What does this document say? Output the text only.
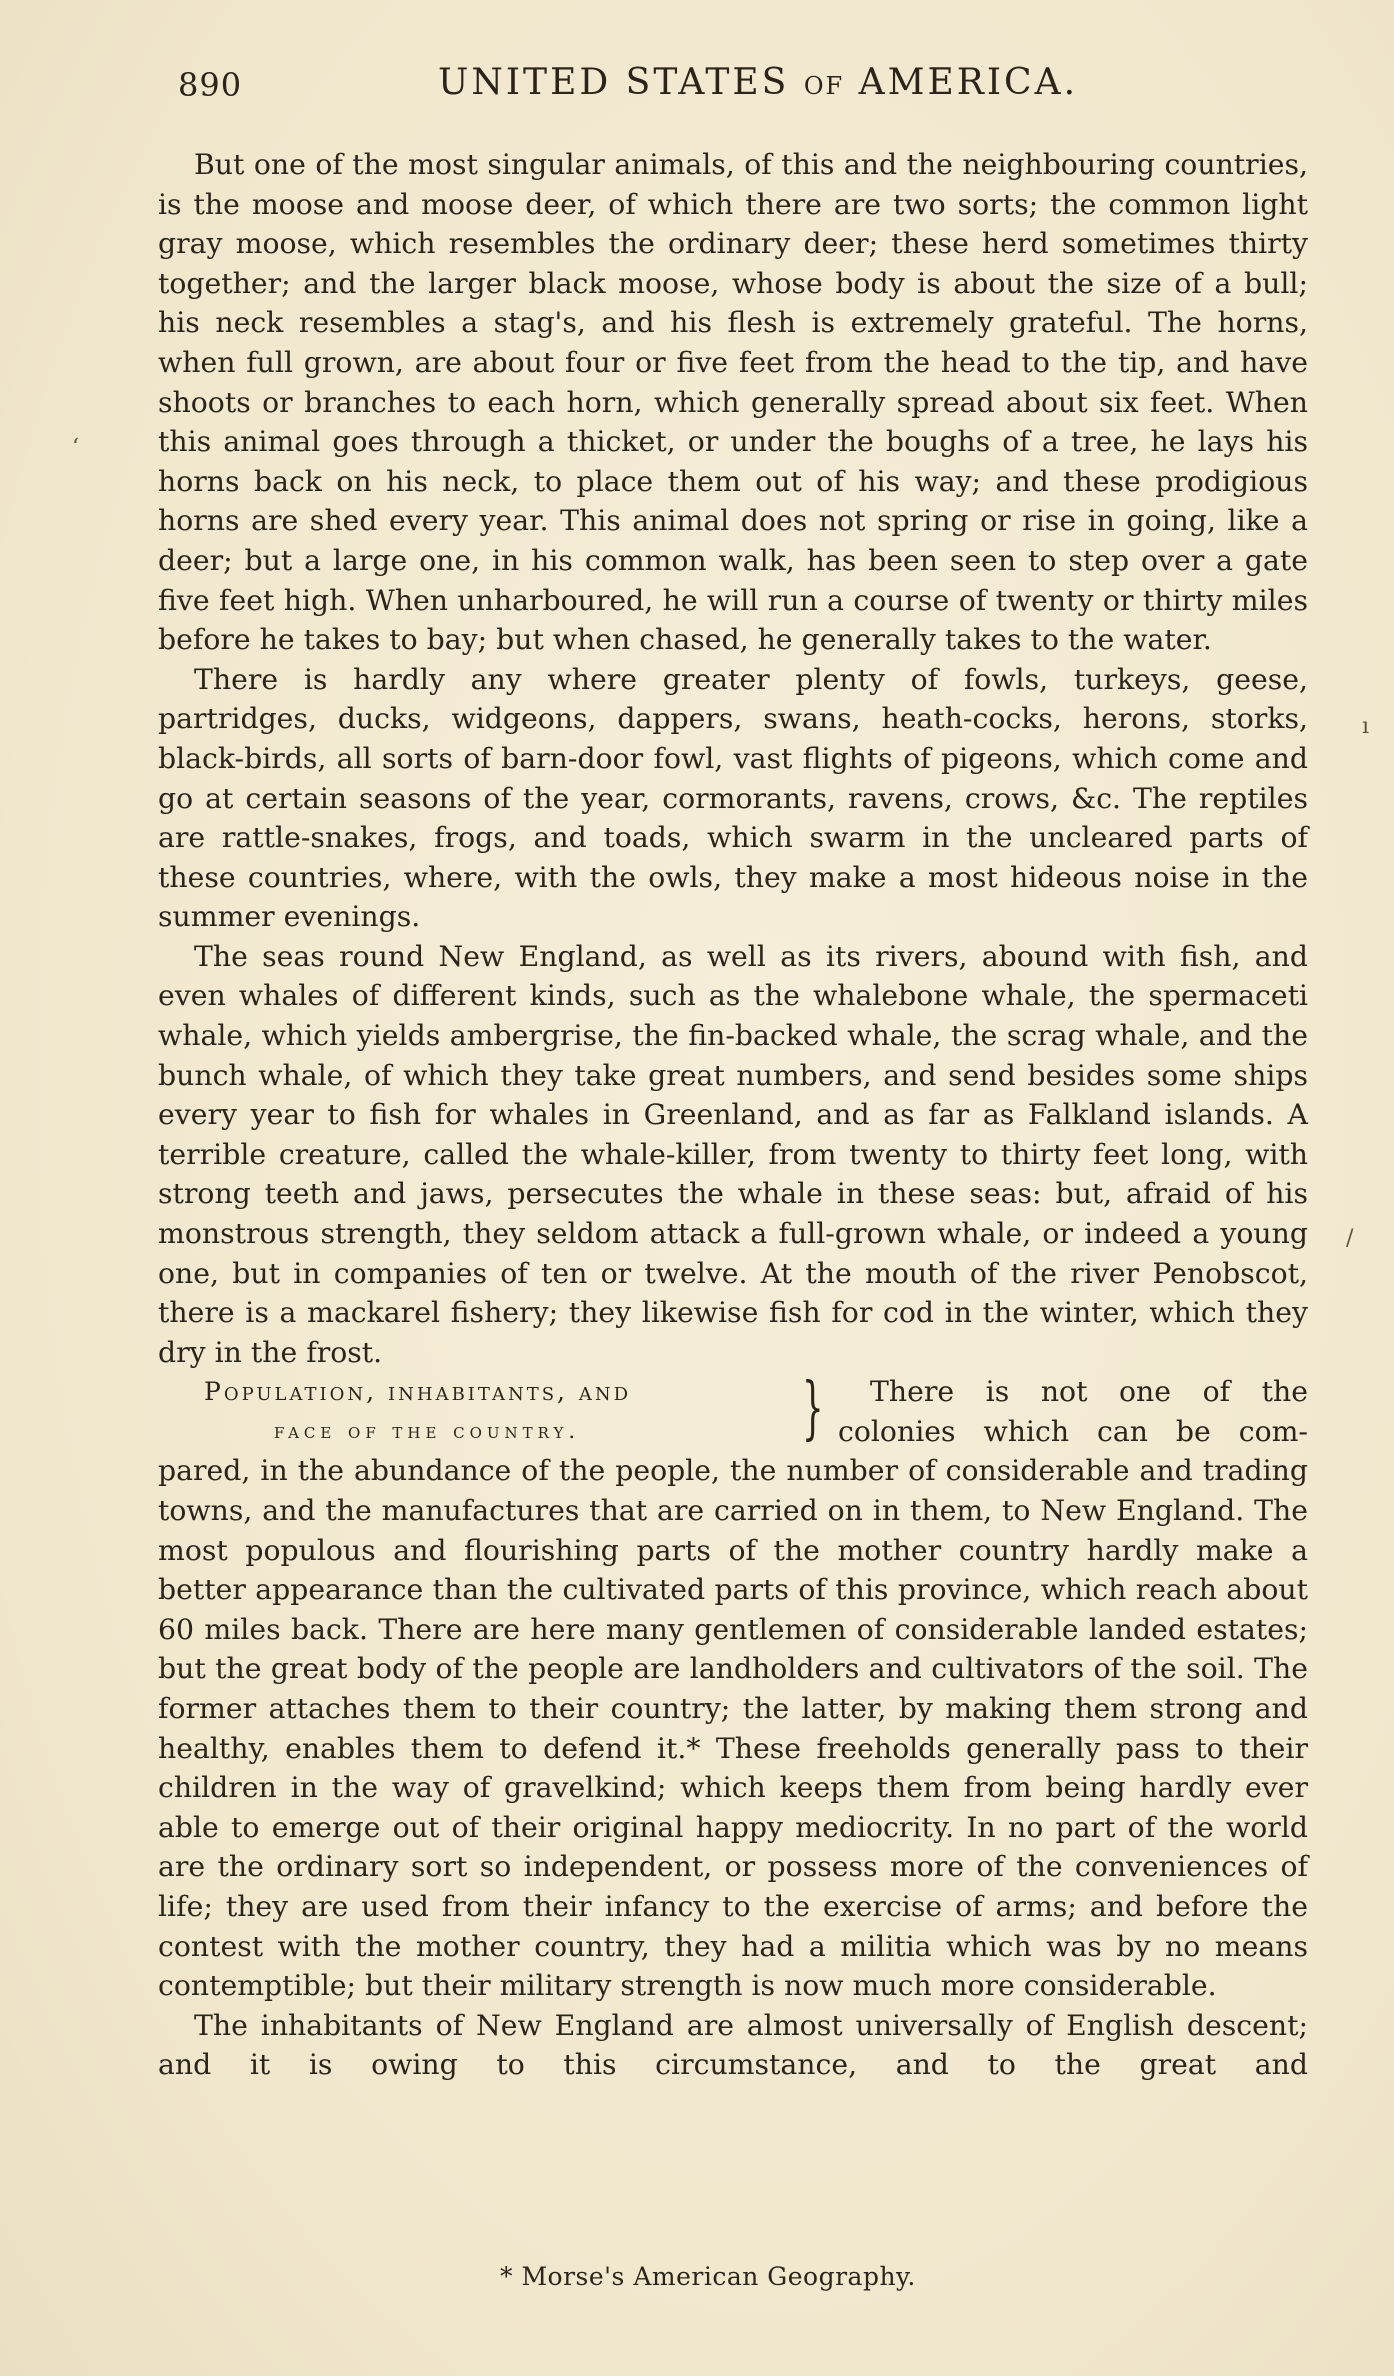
890	UNITED STATES OF AMERICA.

But one of the most singular animals, of this and the neighbouring countries, is the moose and moose deer, of which there are two sorts; the common light gray moose, which resembles the ordinary deer; these herd sometimes thirty together; and the larger black moose, whose body is about the size of a bull; his neck resembles a stag's, and his flesh is extremely grateful. The horns, when full grown, are about four or five feet from the head to the tip, and have shoots or branches to each horn, which generally spread about six feet. When this animal goes through a thicket, or under the boughs of a tree, he lays his horns back on his neck, to place them out of his way; and these prodigious horns are shed every year. This animal does not spring or rise in going, like a deer; but a large one, in his common walk, has been seen to step over a gate five feet high. When unharboured, he will run a course of twenty or thirty miles before he takes to bay; but when chased, he generally takes to the water.

There is hardly any where greater plenty of fowls, turkeys, geese, partridges, ducks, widgeons, dappers, swans, heath-cocks, herons, storks, black-birds, all sorts of barn-door fowl, vast flights of pigeons, which come and go at certain seasons of the year, cormorants, ravens, crows, &c. The reptiles are rattle-snakes, frogs, and toads, which swarm in the uncleared parts of these countries, where, with the owls, they make a most hideous noise in the summer evenings.

The seas round New England, as well as its rivers, abound with fish, and even whales of different kinds, such as the whalebone whale, the spermaceti whale, which yields ambergrise, the fin-backed whale, the scrag whale, and the bunch whale, of which they take great numbers, and send besides some ships every year to fish for whales in Greenland, and as far as Falkland islands. A terrible creature, called the whale-killer, from twenty to thirty feet long, with strong teeth and jaws, persecutes the whale in these seas: but, afraid of his monstrous strength, they seldom attack a full-grown whale, or indeed a young one, but in companies of ten or twelve. At the mouth of the river Penobscot, there is a mackarel fishery; they likewise fish for cod in the winter, which they dry in the frost.

Population, inhabitants, and
face of the country.	} There is not one of the
colonies which can be com-

pared, in the abundance of the people, the number of considerable and trading towns, and the manufactures that are carried on in them, to New England. The most populous and flourishing parts of the mother country hardly make a better appearance than the cultivated parts of this province, which reach about 60 miles back. There are here many gentlemen of considerable landed estates; but the great body of the people are landholders and cultivators of the soil. The former attaches them to their country; the latter, by making them strong and healthy, enables them to defend it.* These freeholds generally pass to their children in the way of gravelkind; which keeps them from being hardly ever able to emerge out of their original happy mediocrity. In no part of the world are the ordinary sort so independent, or possess more of the conveniences of life; they are used from their infancy to the exercise of arms; and before the contest with the mother country, they had a militia which was by no means contemptible; but their military strength is now much more considerable.

The inhabitants of New England are almost universally of English descent; and it is owing to this circumstance, and to the great and

* Morse's American Geography.
‘
ı
/
